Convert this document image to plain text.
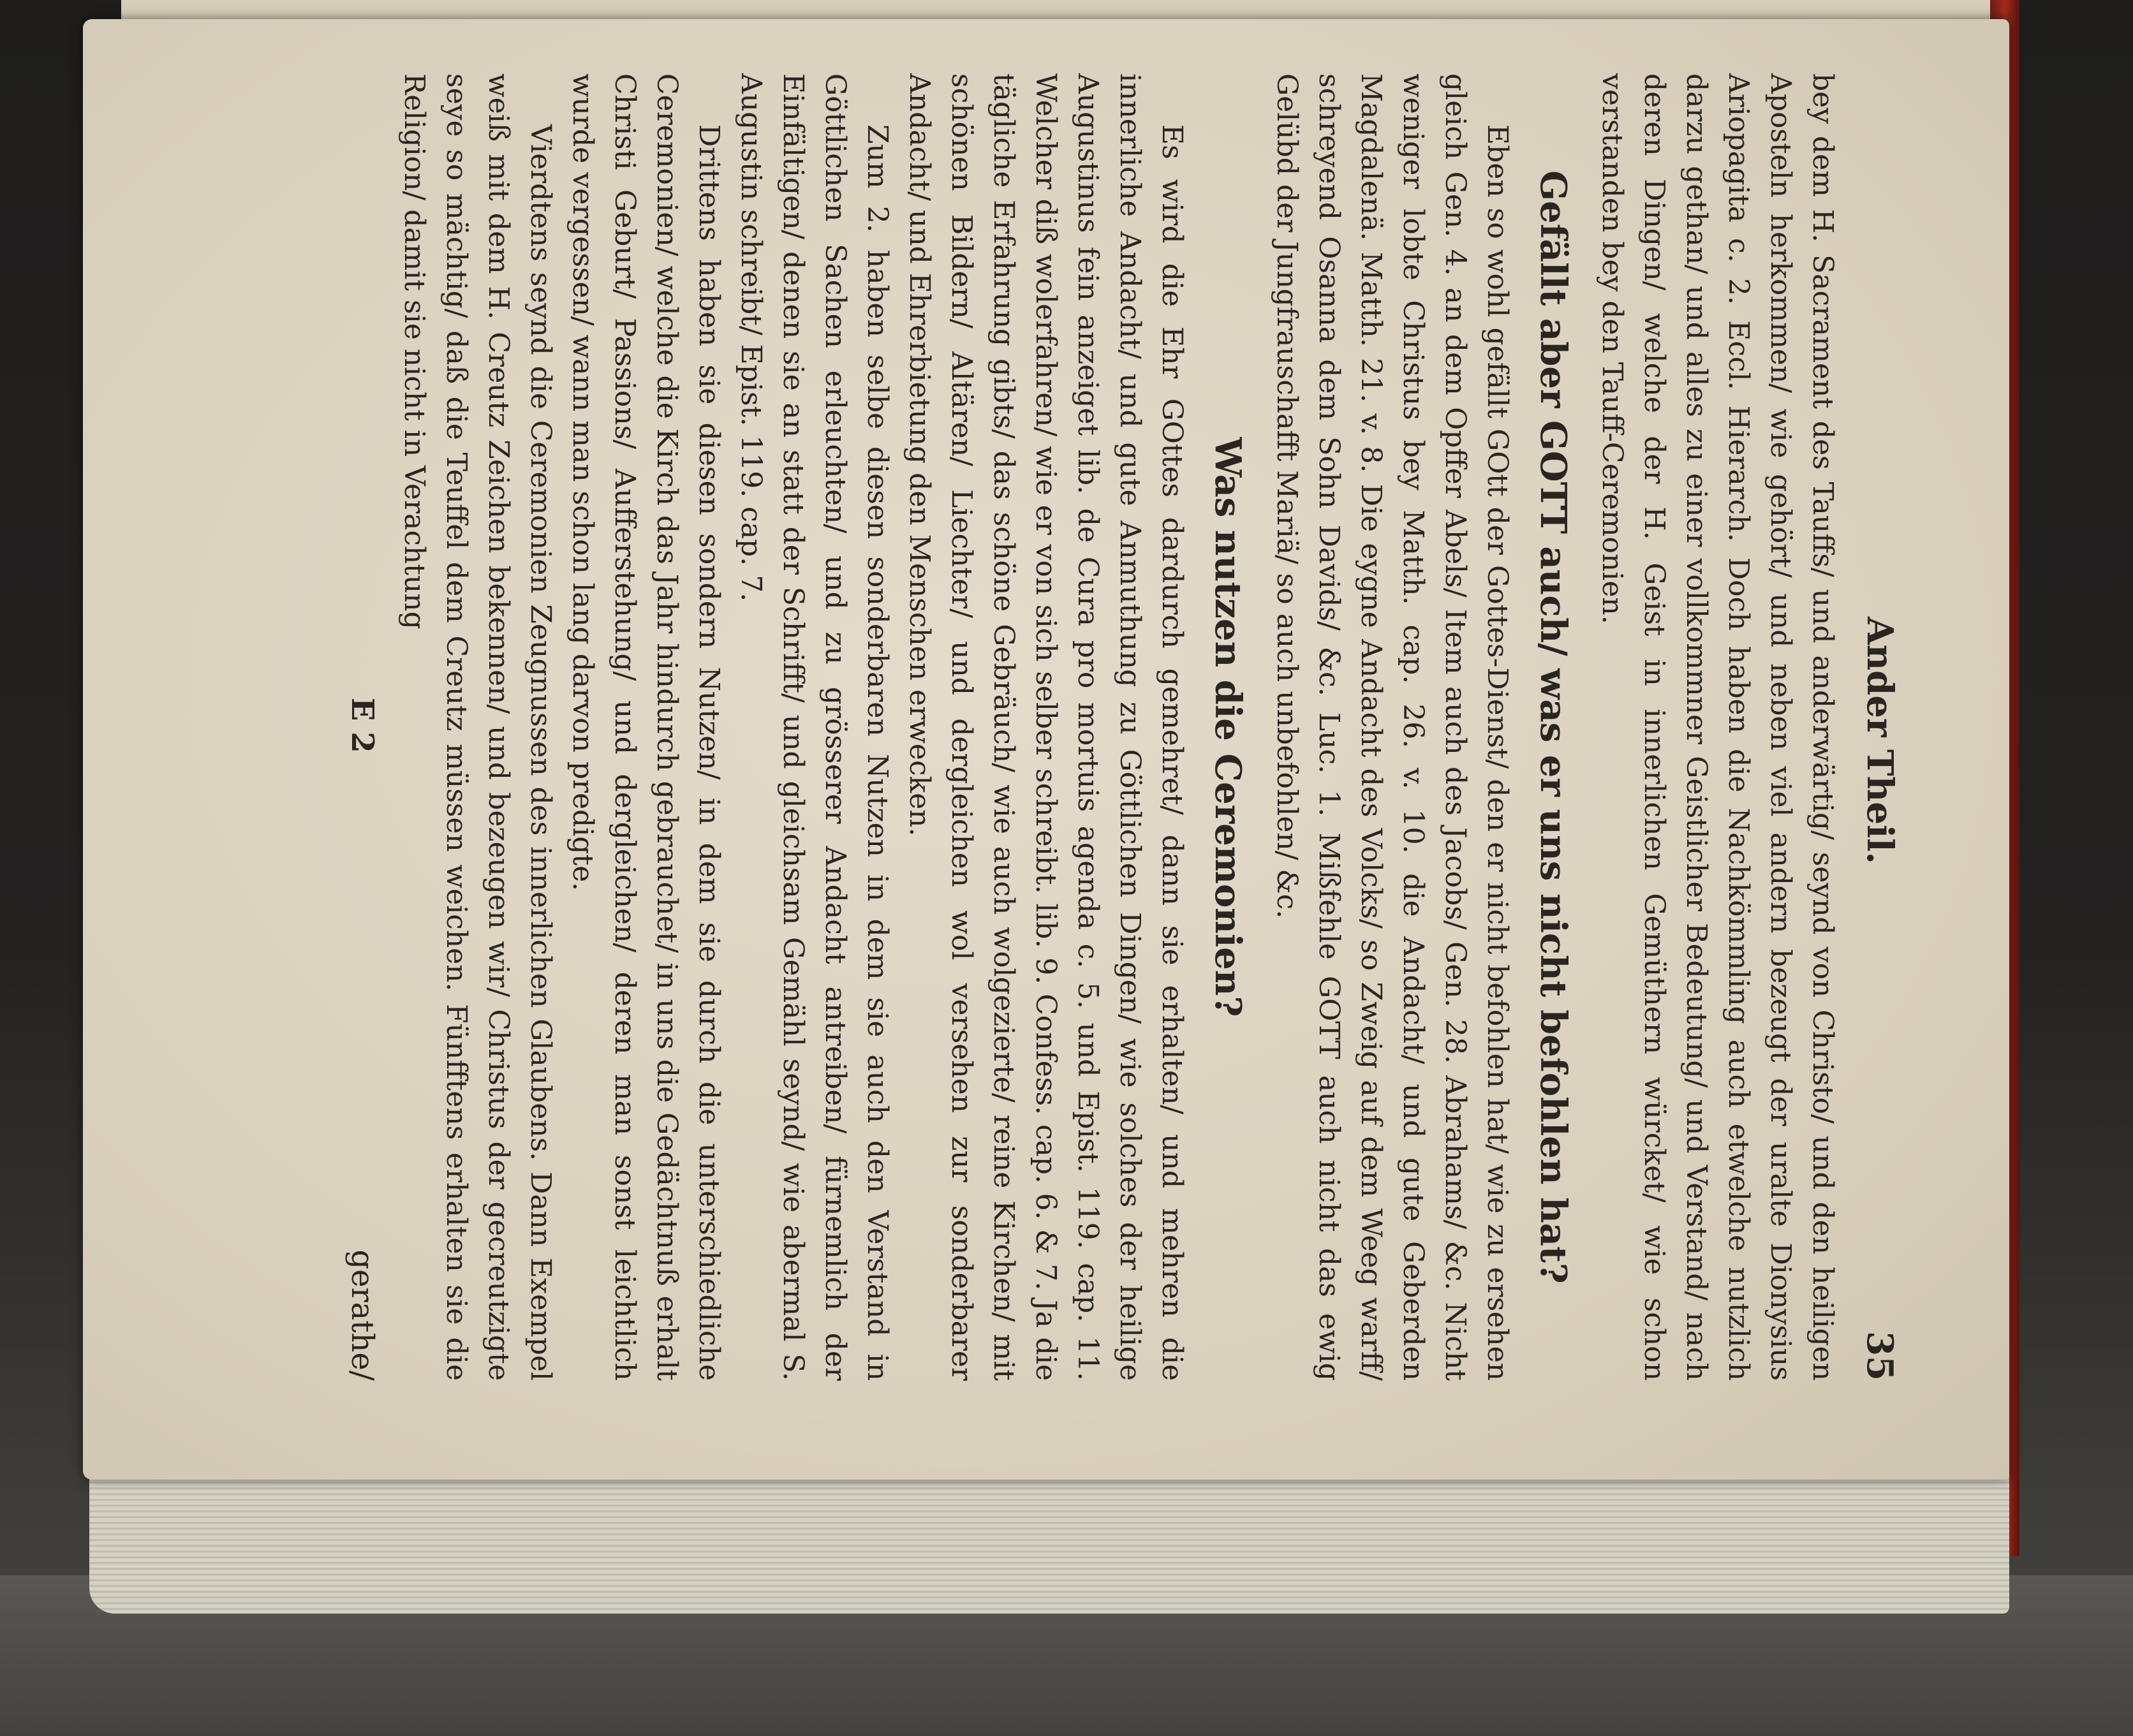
Ander Theil.
35

bey dem H. Sacrament des Tauffs/ und anderwärtig/ seynd von Christo/ und den heiligen Aposteln herkommen/ wie gehört/ und neben viel andern bezeugt der uralte Dionysius Ariopagita c. 2. Eccl. Hierarch. Doch haben die Nachkömmling auch etwelche nutzlich darzu gethan/ und alles zu einer vollkommner Geistlicher Bedeutung/ und Verstand/ nach deren Dingen/ welche der H. Geist in innerlichen Gemüthern würcket/ wie schon verstanden bey den Tauff-Ceremonien.

Gefällt aber GOTT auch/ was er uns nicht befohlen hat?

Eben so wohl gefällt GOtt der Gottes-Dienst/ den er nicht befohlen hat/ wie zu ersehen gleich Gen. 4. an dem Opffer Abels/ Item auch des Jacobs/ Gen. 28. Abrahams/ &c. Nicht weniger lobte Christus bey Matth. cap. 26. v. 10. die Andacht/ und gute Geberden Magdalenä. Matth. 21. v. 8. Die eygne Andacht des Volcks/ so Zweig auf dem Weeg warff/ schreyend Osanna dem Sohn Davids/ &c. Luc. 1. Mißfehle GOTT auch nicht das ewig Gelübd der Jungfrauschafft Mariä/ so auch unbefohlen/ &c.

Was nutzen die Ceremonien?

Es wird die Ehr GOttes dardurch gemehret/ dann sie erhalten/ und mehren die innerliche Andacht/ und gute Anmuthung zu Göttlichen Dingen/ wie solches der heilige Augustinus fein anzeiget lib. de Cura pro mortuis agenda c. 5. und Epist. 119. cap. 11. Welcher diß wolerfahren/ wie er von sich selber schreibt. lib. 9. Confess. cap. 6. & 7. Ja die tägliche Erfahrung gibts/ das schöne Gebräuch/ wie auch wolgezierte/ reine Kirchen/ mit schönen Bildern/ Altären/ Liechter/ und dergleichen wol versehen zur sonderbarer Andacht/ und Ehrerbietung den Menschen erwecken.

Zum 2. haben selbe diesen sonderbaren Nutzen in dem sie auch den Verstand in Göttlichen Sachen erleuchten/ und zu grösserer Andacht antreiben/ fürnemlich der Einfältigen/ denen sie an statt der Schrifft/ und gleichsam Gemähl seynd/ wie abermal S. Augustin schreibt/ Epist. 119. cap. 7.

Drittens haben sie diesen sondern Nutzen/ in dem sie durch die unterschiedliche Ceremonien/ welche die Kirch das Jahr hindurch gebrauchet/ in uns die Gedächtnuß erhalt Christi Geburt/ Passions/ Aufferstehung/ und dergleichen/ deren man sonst leichtlich wurde vergessen/ wann man schon lang darvon predigte.

Vierdtens seynd die Ceremonien Zeugnussen des innerlichen Glaubens. Dann Exempel weiß mit dem H. Creutz Zeichen bekennen/ und bezeugen wir/ Christus der gecreutzigte seye so mächtig/ daß die Teuffel dem Creutz müssen weichen. Fünfftens erhalten sie die Religion/ damit sie nicht in Verachtung

E 2
gerathe/
